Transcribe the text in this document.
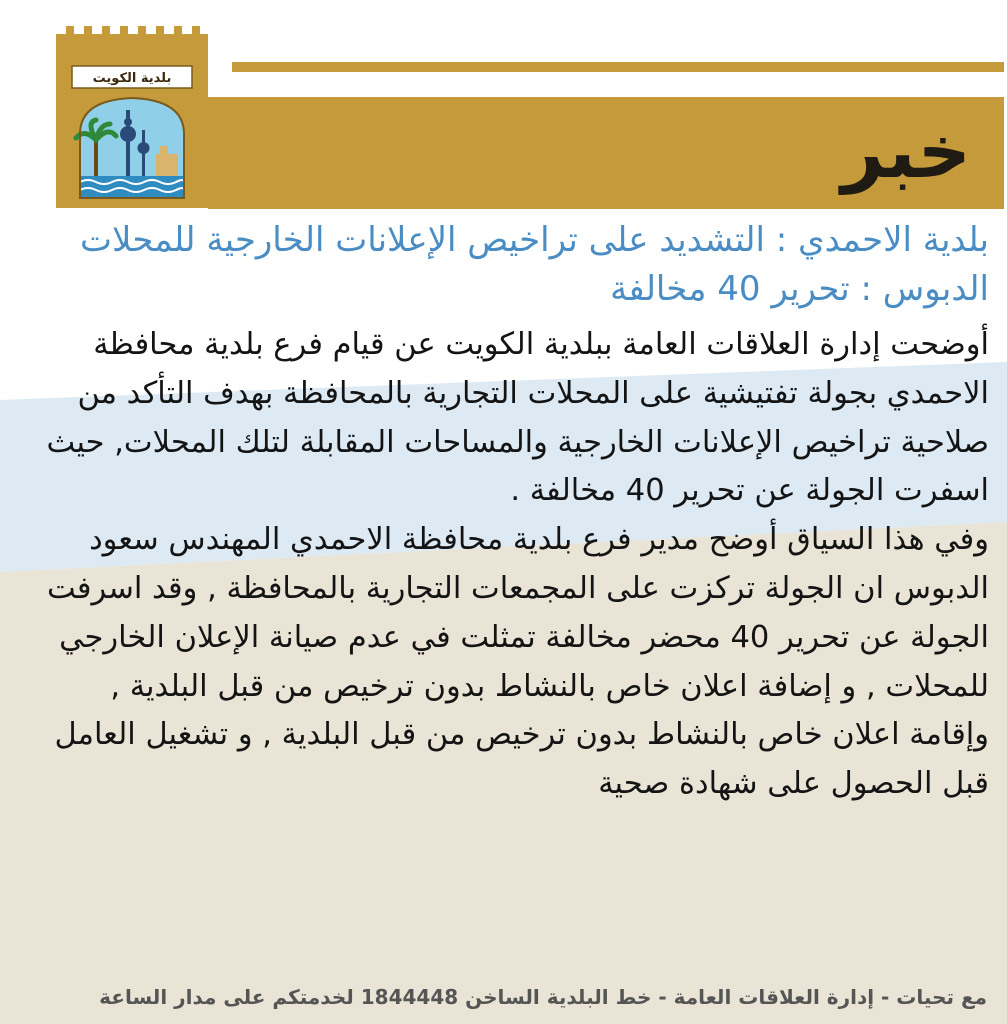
خبر
بلدية الكويت
بلدية الاحمدي : التشديد على تراخيص الإعلانات الخارجية للمحلات
الدبوس : تحرير 40 مخالفة

أوضحت إدارة العلاقات العامة ببلدية الكويت عن قيام فرع بلدية محافظة الاحمدي بجولة تفتيشية على المحلات التجارية بالمحافظة بهدف التأكد من صلاحية تراخيص الإعلانات الخارجية والمساحات المقابلة لتلك المحلات, حيث اسفرت الجولة عن تحرير 40 مخالفة .

وفي هذا السياق أوضح مدير فرع بلدية محافظة الاحمدي المهندس سعود الدبوس ان الجولة تركزت على المجمعات التجارية بالمحافظة , وقد اسرفت الجولة عن تحرير 40 محضر مخالفة تمثلت في عدم صيانة الإعلان الخارجي للمحلات , و إضافة اعلان خاص بالنشاط بدون ترخيص من قبل البلدية , وإقامة اعلان خاص بالنشاط بدون ترخيص من قبل البلدية , و تشغيل العامل قبل الحصول على شهادة صحية

مع تحيات - إدارة العلاقات العامة - خط البلدية الساخن 1844448 لخدمتكم على مدار الساعة
